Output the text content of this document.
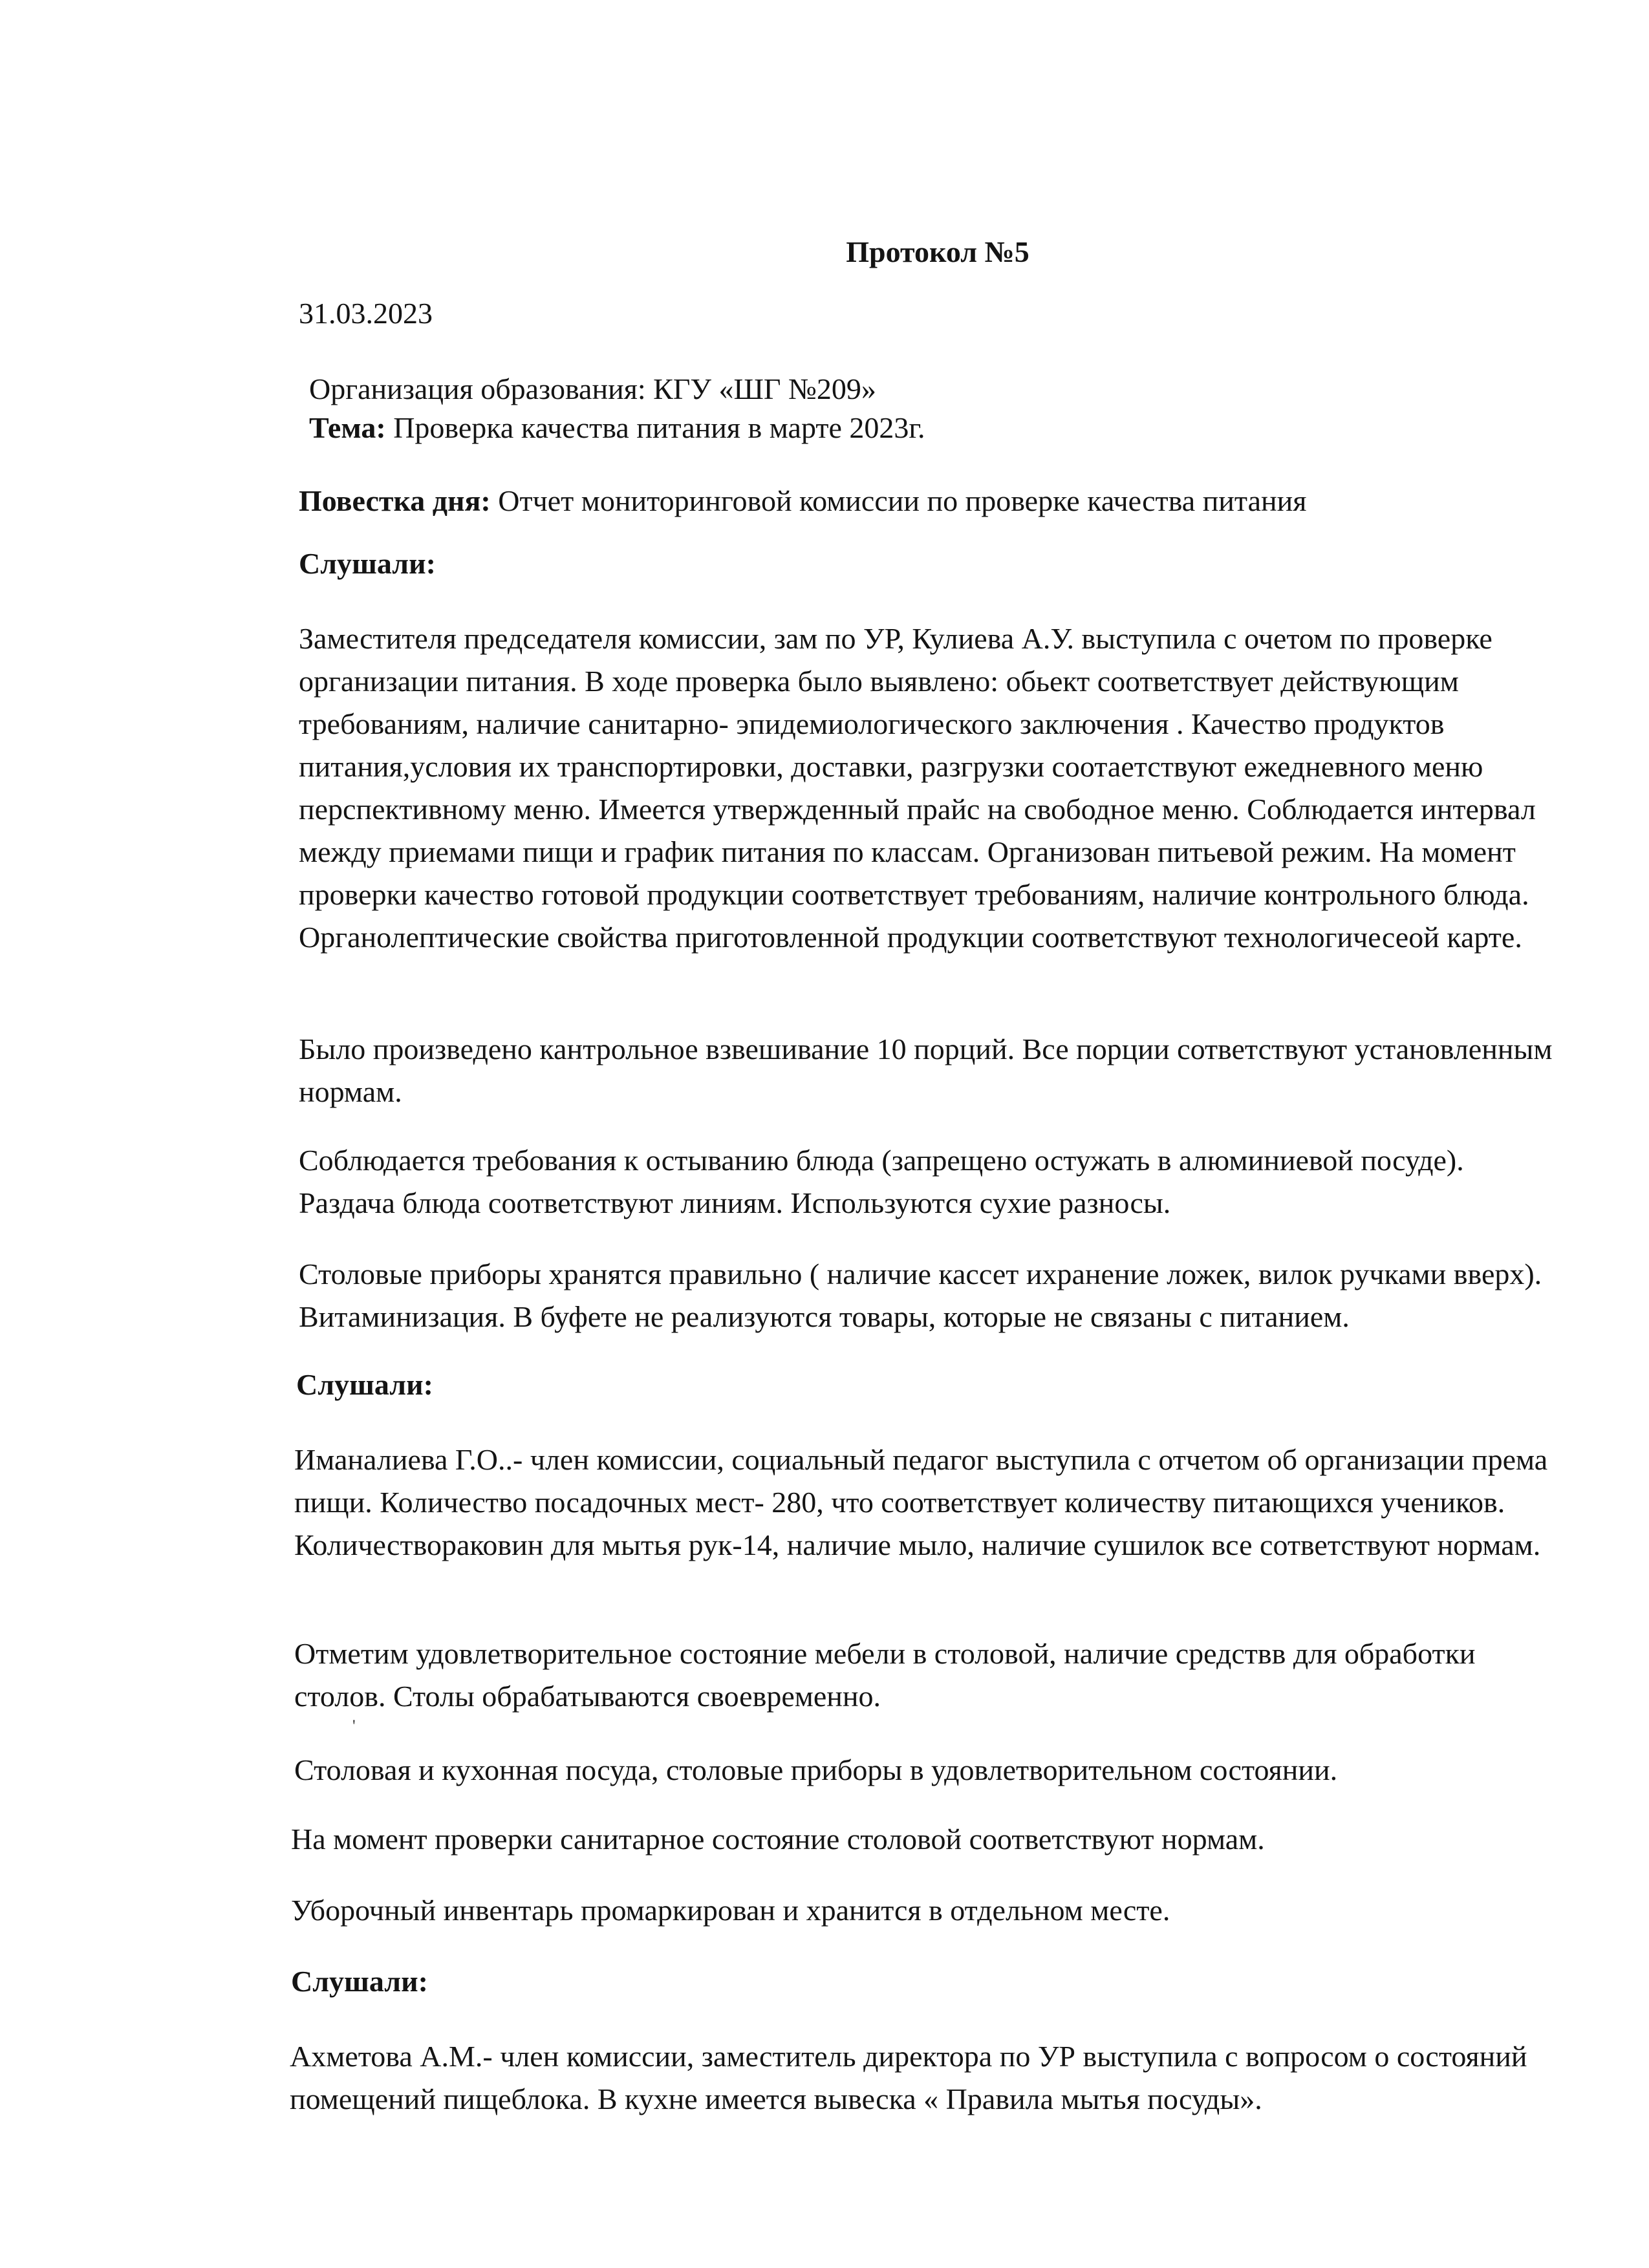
Протокол №5
31.03.2023
Организация образования: КГУ «ШГ №209»
Тема: Проверка качества питания в марте 2023г.
Повестка дня: Отчет мониторинговой комиссии по проверке качества питания
Слушали:
Заместителя председателя комиссии, зам по УР, Кулиева А.У. выступила с очетом по проверке организации питания. В ходе проверка было выявлено: обьект соответствует действующим требованиям, наличие санитарно- эпидемиологического заключения . Качество продуктов питания,условия их транспортировки, доставки, разгрузки соотаетствуют ежедневного меню перспективному меню. Имеется утвержденный прайс на свободное меню. Соблюдается интервал между приемами пищи и график питания по классам. Организован питьевой режим. На момент проверки качество готовой продукции соответствует требованиям, наличие контрольного блюда. Органолептические свойства приготовленной продукции соответствуют технологичесеой карте.
Было произведено кантрольное взвешивание 10 порций. Все порции сответствуют установленным нормам.
Соблюдается требования к остыванию блюда (запрещено остужать в алюминиевой посуде). Раздача блюда соответствуют линиям. Используются сухие разносы.
Столовые приборы хранятся правильно ( наличие кассет ихранение ложек, вилок ручками вверх). Витаминизация. В буфете не реализуются товары, которые не связаны с питанием.
Слушали:
Иманалиева Г.О..- член комиссии, социальный педагог выступила с отчетом об организации према пищи. Количество посадочных мест- 280, что соответствует количеству питающихся учеников. Количествораковин для мытья рук-14, наличие мыло, наличие сушилок все сответствуют нормам.
Отметим удовлетворительное состояние мебели в столовой, наличие средствв для обработки столов. Столы обрабатываются своевременно.
'
Столовая и кухонная посуда, столовые приборы в удовлетворительном состоянии.
На момент проверки санитарное состояние столовой соответствуют нормам.
Уборочный инвентарь промаркирован и хранится в отдельном месте.
Слушали:
Ахметова А.М.- член комиссии, заместитель директора по УР выступила с вопросом о состояний помещений пищеблока. В кухне имеется вывеска « Правила мытья посуды».
